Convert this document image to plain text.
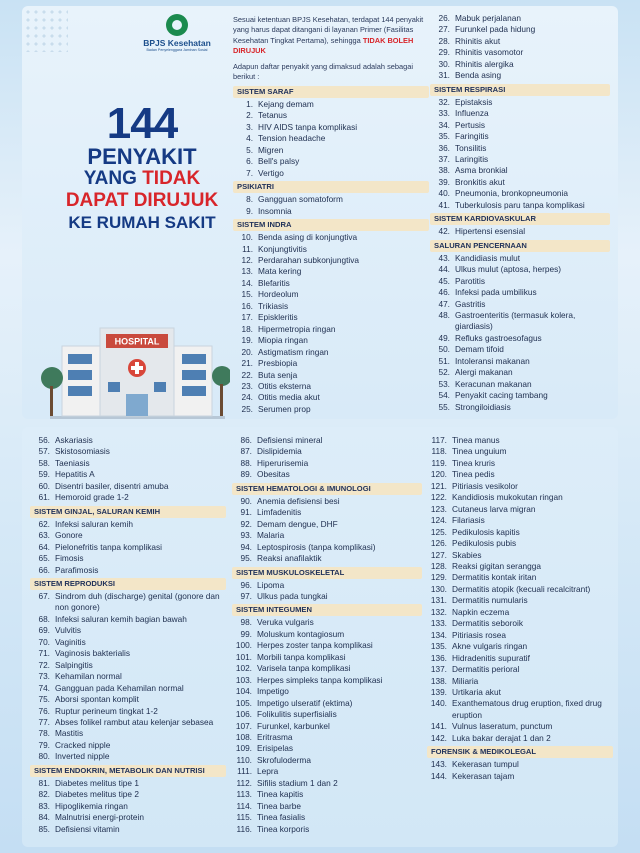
BPJS Kesehatan
Badan Penyelenggara Jaminan Sosial
144
PENYAKIT
YANG TIDAK
DAPAT DIRUJUK
KE RUMAH SAKIT
HOSPITAL

Sesuai ketentuan BPJS Kesehatan, terdapat 144 penyakit yang harus dapat ditangani di layanan Primer (Fasilitas Kesehatan Tingkat Pertama), sehingga TIDAK BOLEH DIRUJUK

Adapun daftar penyakit yang dimaksud adalah sebagai berikut :

SISTEM SARAF
1. Kejang demam
2. Tetanus
3. HIV AIDS tanpa komplikasi
4. Tension headache
5. Migren
6. Bell's palsy
7. Vertigo
PSIKIATRI
8. Gangguan somatoform
9. Insomnia
SISTEM INDRA
10. Benda asing di konjungtiva
11. Konjungtivitis
12. Perdarahan subkonjungtiva
13. Mata kering
14. Blefaritis
15. Hordeolum
16. Trikiasis
17. Episkleritis
18. Hipermetropia ringan
19. Miopia ringan
20. Astigmatism ringan
21. Presbiopia
22. Buta senja
23. Otitis eksterna
24. Otitis media akut
25. Serumen prop
26. Mabuk perjalanan
27. Furunkel pada hidung
28. Rhinitis akut
29. Rhinitis vasomotor
30. Rhinitis alergika
31. Benda asing
SISTEM RESPIRASI
32. Epistaksis
33. Influenza
34. Pertusis
35. Faringitis
36. Tonsilitis
37. Laringitis
38. Asma bronkial
39. Bronkitis akut
40. Pneumonia, bronkopneumonia
41. Tuberkulosis paru tanpa komplikasi
SISTEM KARDIOVASKULAR
42. Hipertensi esensial
SALURAN PENCERNAAN
43. Kandidiasis mulut
44. Ulkus mulut (aptosa, herpes)
45. Parotitis
46. Infeksi pada umbilikus
47. Gastritis
48. Gastroenteritis (termasuk kolera, giardiasis)
49. Refluks gastroesofagus
50. Demam tifoid
51. Intoleransi makanan
52. Alergi makanan
53. Keracunan makanan
54. Penyakit cacing tambang
55. Strongiloidiasis
56. Askariasis
57. Skistosomiasis
58. Taeniasis
59. Hepatitis A
60. Disentri basiler, disentri amuba
61. Hemoroid grade 1-2
SISTEM GINJAL, SALURAN KEMIH
62. Infeksi saluran kemih
63. Gonore
64. Pielonefritis tanpa komplikasi
65. Fimosis
66. Parafimosis
SISTEM REPRODUKSI
67. Sindrom duh (discharge) genital (gonore dan non gonore)
68. Infeksi saluran kemih bagian bawah
69. Vulvitis
70. Vaginitis
71. Vaginosis bakterialis
72. Salpingitis
73. Kehamilan normal
74. Gangguan pada Kehamilan normal
75. Aborsi spontan komplit
76. Ruptur perineum tingkat 1-2
77. Abses folikel rambut atau kelenjar sebasea
78. Mastitis
79. Cracked nipple
80. Inverted nipple
SISTEM ENDOKRIN, METABOLIK DAN NUTRISI
81. Diabetes melitus tipe 1
82. Diabetes melitus tipe 2
83. Hipoglikemia ringan
84. Malnutrisi energi-protein
85. Defisiensi vitamin
86. Defisiensi mineral
87. Dislipidemia
88. Hiperurisemia
89. Obesitas
SISTEM HEMATOLOGI & IMUNOLOGI
90. Anemia defisiensi besi
91. Limfadenitis
92. Demam dengue, DHF
93. Malaria
94. Leptospirosis (tanpa komplikasi)
95. Reaksi anafilaktik
SISTEM MUSKULOSKELETAL
96. Lipoma
97. Ulkus pada tungkai
SISTEM INTEGUMEN
98. Veruka vulgaris
99. Moluskum kontagiosum
100. Herpes zoster tanpa komplikasi
101. Morbili tanpa komplikasi
102. Varisela tanpa komplikasi
103. Herpes simpleks tanpa komplikasi
104. Impetigo
105. Impetigo ulseratif (ektima)
106. Folikulitis superfisialis
107. Furunkel, karbunkel
108. Eritrasma
109. Erisipelas
110. Skrofuloderma
111. Lepra
112. Sifilis stadium 1 dan 2
113. Tinea kapitis
114. Tinea barbe
115. Tinea fasialis
116. Tinea korporis
117. Tinea manus
118. Tinea unguium
119. Tinea kruris
120. Tinea pedis
121. Pitiriasis vesikolor
122. Kandidiosis mukokutan ringan
123. Cutaneus larva migran
124. Filariasis
125. Pedikulosis kapitis
126. Pedikulosis pubis
127. Skabies
128. Reaksi gigitan serangga
129. Dermatitis kontak iritan
130. Dermatitis atopik (kecuali recalcitrant)
131. Dermatitis numularis
132. Napkin eczema
133. Dermatitis seboroik
134. Pitiriasis rosea
135. Akne vulgaris ringan
136. Hidradenitis supuratif
137. Dermatitis perioral
138. Miliaria
139. Urtikaria akut
140. Exanthematous drug eruption, fixed drug eruption
141. Vulnus laseratum, punctum
142. Luka bakar derajat 1 dan 2
FORENSIK & MEDIKOLEGAL
143. Kekerasan tumpul
144. Kekerasan tajam
